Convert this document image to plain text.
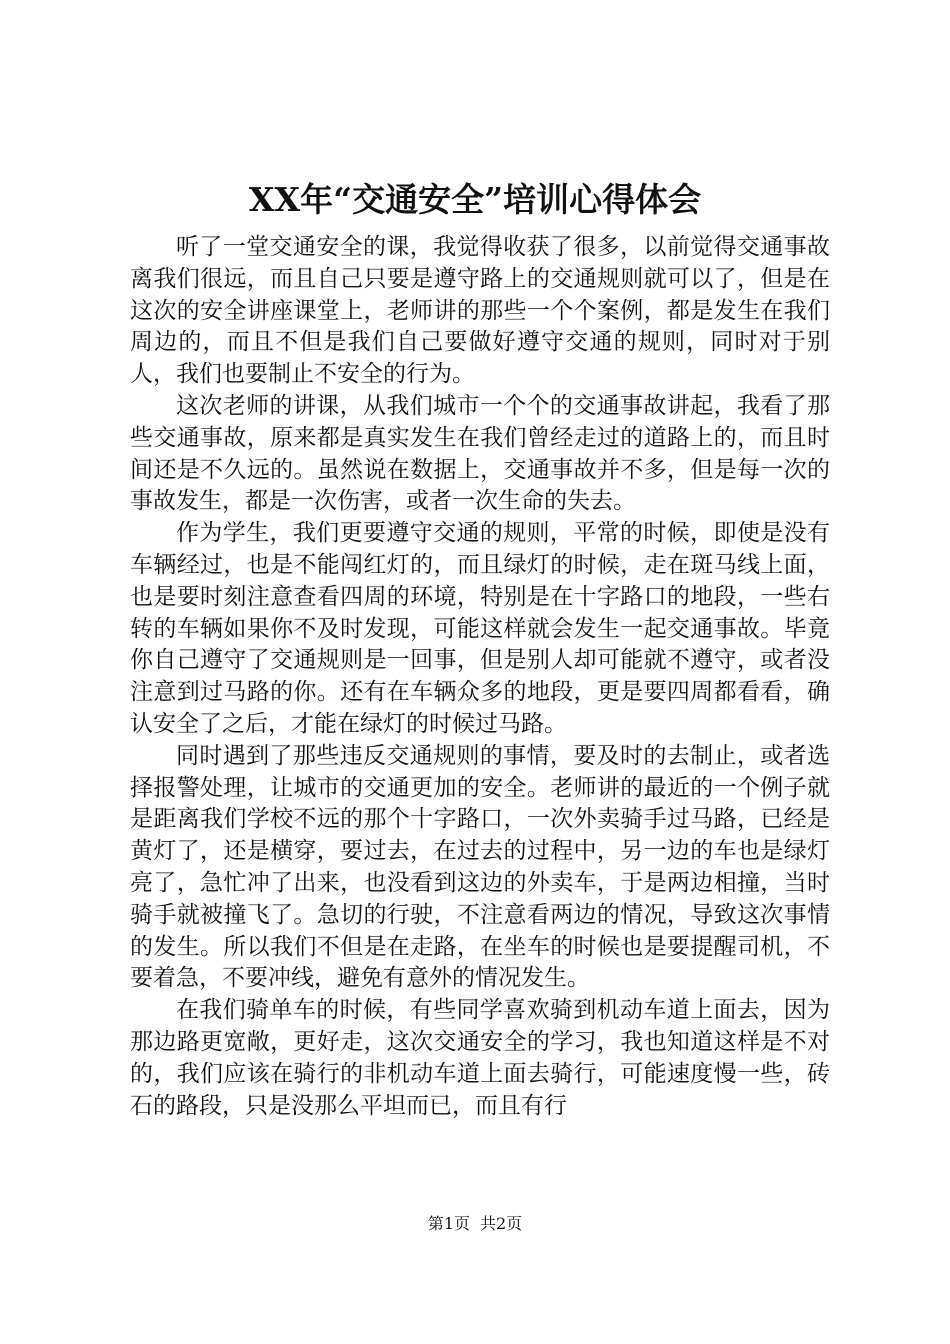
XX年“交通安全”培训心得体会

听了一堂交通安全的课，我觉得收获了很多，以前觉得交通事故离我们很远，而且自己只要是遵守路上的交通规则就可以了，但是在这次的安全讲座课堂上，老师讲的那些一个个案例，都是发生在我们周边的，而且不但是我们自己要做好遵守交通的规则，同时对于别人，我们也要制止不安全的行为。

这次老师的讲课，从我们城市一个个的交通事故讲起，我看了那些交通事故，原来都是真实发生在我们曾经走过的道路上的，而且时间还是不久远的。虽然说在数据上，交通事故并不多，但是每一次的事故发生，都是一次伤害，或者一次生命的失去。

作为学生，我们更要遵守交通的规则，平常的时候，即使是没有车辆经过，也是不能闯红灯的，而且绿灯的时候，走在斑马线上面，也是要时刻注意查看四周的环境，特别是在十字路口的地段，一些右转的车辆如果你不及时发现，可能这样就会发生一起交通事故。毕竟你自己遵守了交通规则是一回事，但是别人却可能就不遵守，或者没注意到过马路的你。还有在车辆众多的地段，更是要四周都看看，确认安全了之后，才能在绿灯的时候过马路。

同时遇到了那些违反交通规则的事情，要及时的去制止，或者选择报警处理，让城市的交通更加的安全。老师讲的最近的一个例子就是距离我们学校不远的那个十字路口，一次外卖骑手过马路，已经是黄灯了，还是横穿，要过去，在过去的过程中，另一边的车也是绿灯亮了，急忙冲了出来，也没看到这边的外卖车，于是两边相撞，当时骑手就被撞飞了。急切的行驶，不注意看两边的情况，导致这次事情的发生。所以我们不但是在走路，在坐车的时候也是要提醒司机，不要着急，不要冲线，避免有意外的情况发生。

在我们骑单车的时候，有些同学喜欢骑到机动车道上面去，因为那边路更宽敞，更好走，这次交通安全的学习，我也知道这样是不对的，我们应该在骑行的非机动车道上面去骑行，可能速度慢一些，砖石的路段，只是没那么平坦而已，而且有行

第1页 共2页
